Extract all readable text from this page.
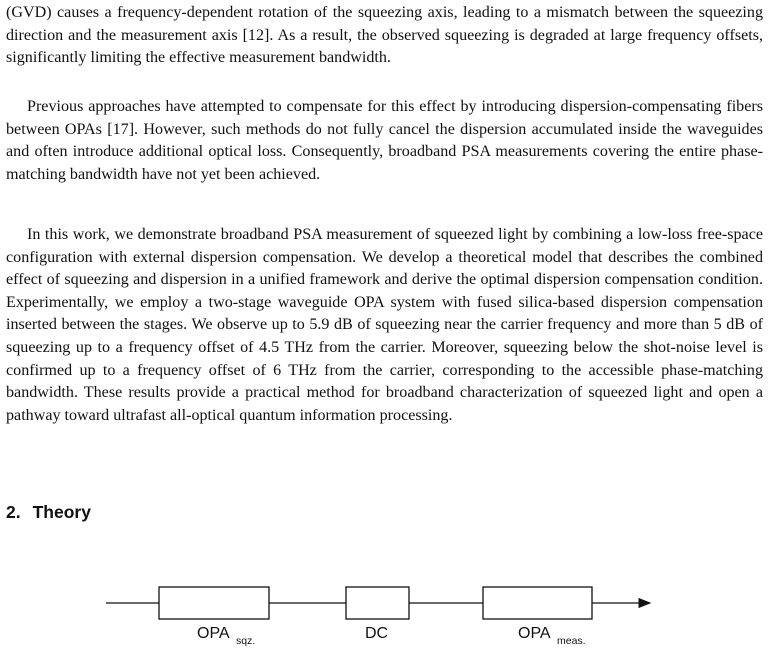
(GVD) causes a frequency-dependent rotation of the squeezing axis, leading to a mismatch between the squeezing direction and the measurement axis [12]. As a result, the observed squeezing is degraded at large frequency offsets, significantly limiting the effective measurement bandwidth.

Previous approaches have attempted to compensate for this effect by introducing dispersion-compensating fibers between OPAs [17]. However, such methods do not fully cancel the dispersion accumulated inside the waveguides and often introduce additional optical loss. Consequently, broadband PSA measurements covering the entire phase-matching bandwidth have not yet been achieved.

In this work, we demonstrate broadband PSA measurement of squeezed light by combining a low-loss free-space configuration with external dispersion compensation. We develop a theoretical model that describes the combined effect of squeezing and dispersion in a unified framework and derive the optimal dispersion compensation condition. Experimentally, we employ a two-stage waveguide OPA system with fused silica-based dispersion compensation inserted between the stages. We observe up to 5.9 dB of squeezing near the carrier frequency and more than 5 dB of squeezing up to a frequency offset of 4.5 THz from the carrier. Moreover, squeezing below the shot-noise level is confirmed up to a frequency offset of 6 THz from the carrier, corresponding to the accessible phase-matching bandwidth. These results provide a practical method for broadband characterization of squeezed light and open a pathway toward ultrafast all-optical quantum information processing.

2. Theory
OPA sqz.	DC	OPA meas.
